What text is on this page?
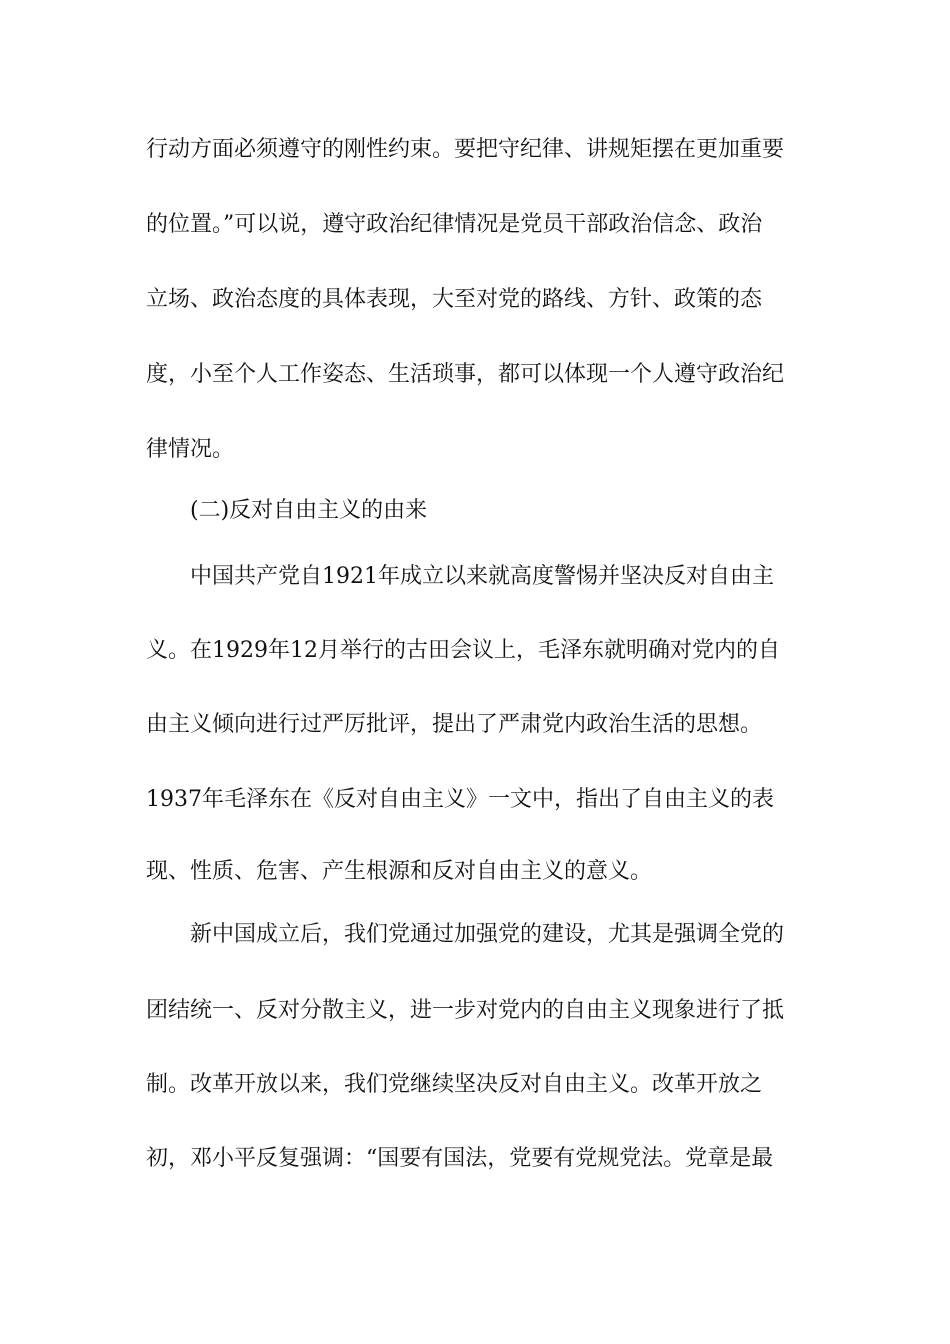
行动方面必须遵守的刚性约束。要把守纪律、讲规矩摆在更加重要
的位置。”可以说，遵守政治纪律情况是党员干部政治信念、政治
立场、政治态度的具体表现，大至对党的路线、方针、政策的态
度，小至个人工作姿态、生活琐事，都可以体现一个人遵守政治纪
律情况。
(二)反对自由主义的由来
中国共产党自1921年成立以来就高度警惕并坚决反对自由主
义。在1929年12月举行的古田会议上，毛泽东就明确对党内的自
由主义倾向进行过严厉批评，提出了严肃党内政治生活的思想。
1937年毛泽东在《反对自由主义》一文中，指出了自由主义的表
现、性质、危害、产生根源和反对自由主义的意义。
新中国成立后，我们党通过加强党的建设，尤其是强调全党的
团结统一、反对分散主义，进一步对党内的自由主义现象进行了抵
制。改革开放以来，我们党继续坚决反对自由主义。改革开放之
初，邓小平反复强调：“国要有国法，党要有党规党法。党章是最
